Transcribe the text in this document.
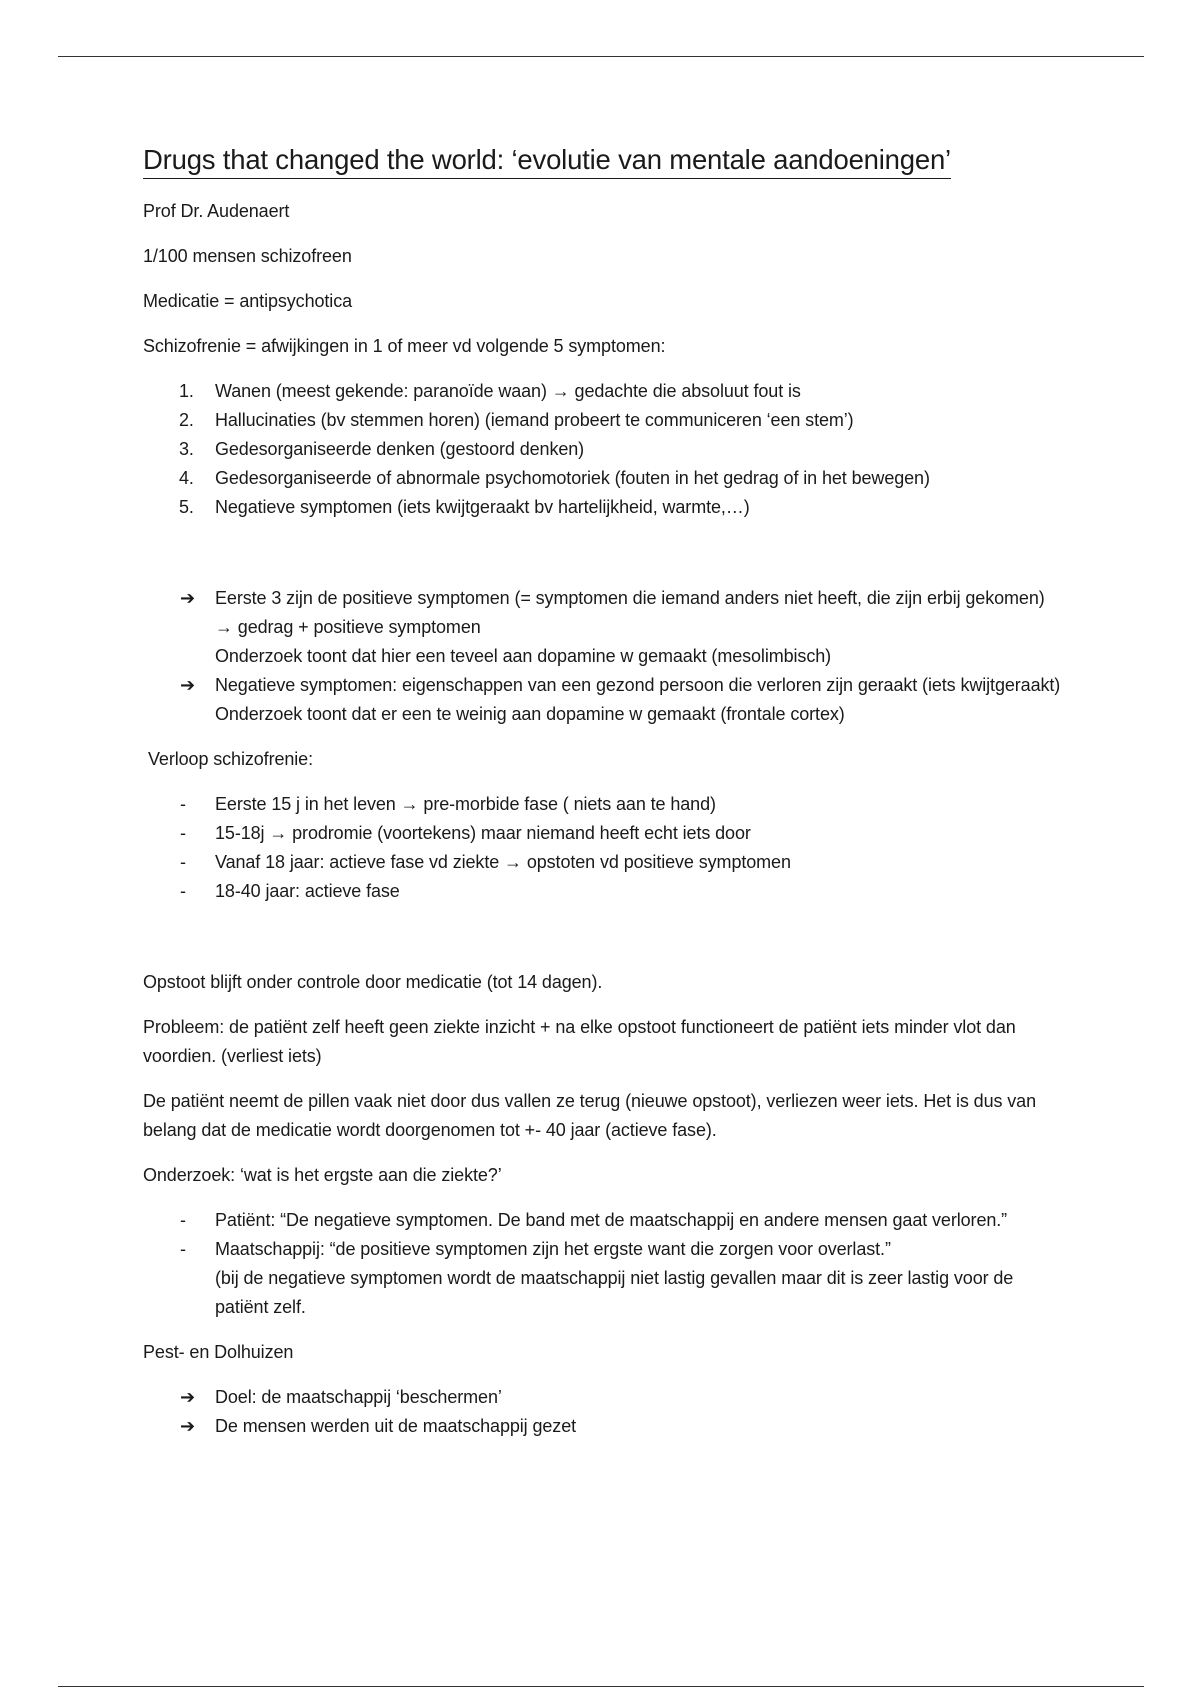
Drugs that changed the world: ‘evolutie van mentale aandoeningen’

Prof Dr. Audenaert

1/100 mensen schizofreen

Medicatie = antipsychotica

Schizofrenie = afwijkingen in 1 of meer vd volgende 5 symptomen:

1.	Wanen (meest gekende: paranoïde waan) → gedachte die absoluut fout is
2.	Hallucinaties (bv stemmen horen) (iemand probeert te communiceren ‘een stem’)
3.	Gedesorganiseerde denken (gestoord denken)
4.	Gedesorganiseerde of abnormale psychomotoriek (fouten in het gedrag of in het bewegen)
5.	Negatieve symptomen (iets kwijtgeraakt bv hartelijkheid, warmte,…)
➔	Eerste 3 zijn de positieve symptomen (= symptomen die iemand anders niet heeft, die zijn erbij gekomen) → gedrag + positieve symptomen
Onderzoek toont dat hier een teveel aan dopamine w gemaakt (mesolimbisch)
➔	Negatieve symptomen: eigenschappen van een gezond persoon die verloren zijn geraakt (iets kwijtgeraakt)
Onderzoek toont dat er een te weinig aan dopamine w gemaakt (frontale cortex)

Verloop schizofrenie:

-	Eerste 15 j in het leven → pre-morbide fase ( niets aan te hand)
-	15-18j → prodromie (voortekens) maar niemand heeft echt iets door
-	Vanaf 18 jaar: actieve fase vd ziekte → opstoten vd positieve symptomen
-	18-40 jaar: actieve fase

Opstoot blijft onder controle door medicatie (tot 14 dagen).

Probleem: de patiënt zelf heeft geen ziekte inzicht + na elke opstoot functioneert de patiënt iets minder vlot dan voordien. (verliest iets)

De patiënt neemt de pillen vaak niet door dus vallen ze terug (nieuwe opstoot), verliezen weer iets. Het is dus van belang dat de medicatie wordt doorgenomen tot +- 40 jaar (actieve fase).

Onderzoek: ‘wat is het ergste aan die ziekte?’

-	Patiënt: “De negatieve symptomen. De band met de maatschappij en andere mensen gaat verloren.”
-	Maatschappij: “de positieve symptomen zijn het ergste want die zorgen voor overlast.”
(bij de negatieve symptomen wordt de maatschappij niet lastig gevallen maar dit is zeer lastig voor de patiënt zelf.

Pest- en Dolhuizen

➔	Doel: de maatschappij ‘beschermen’
➔	De mensen werden uit de maatschappij gezet
